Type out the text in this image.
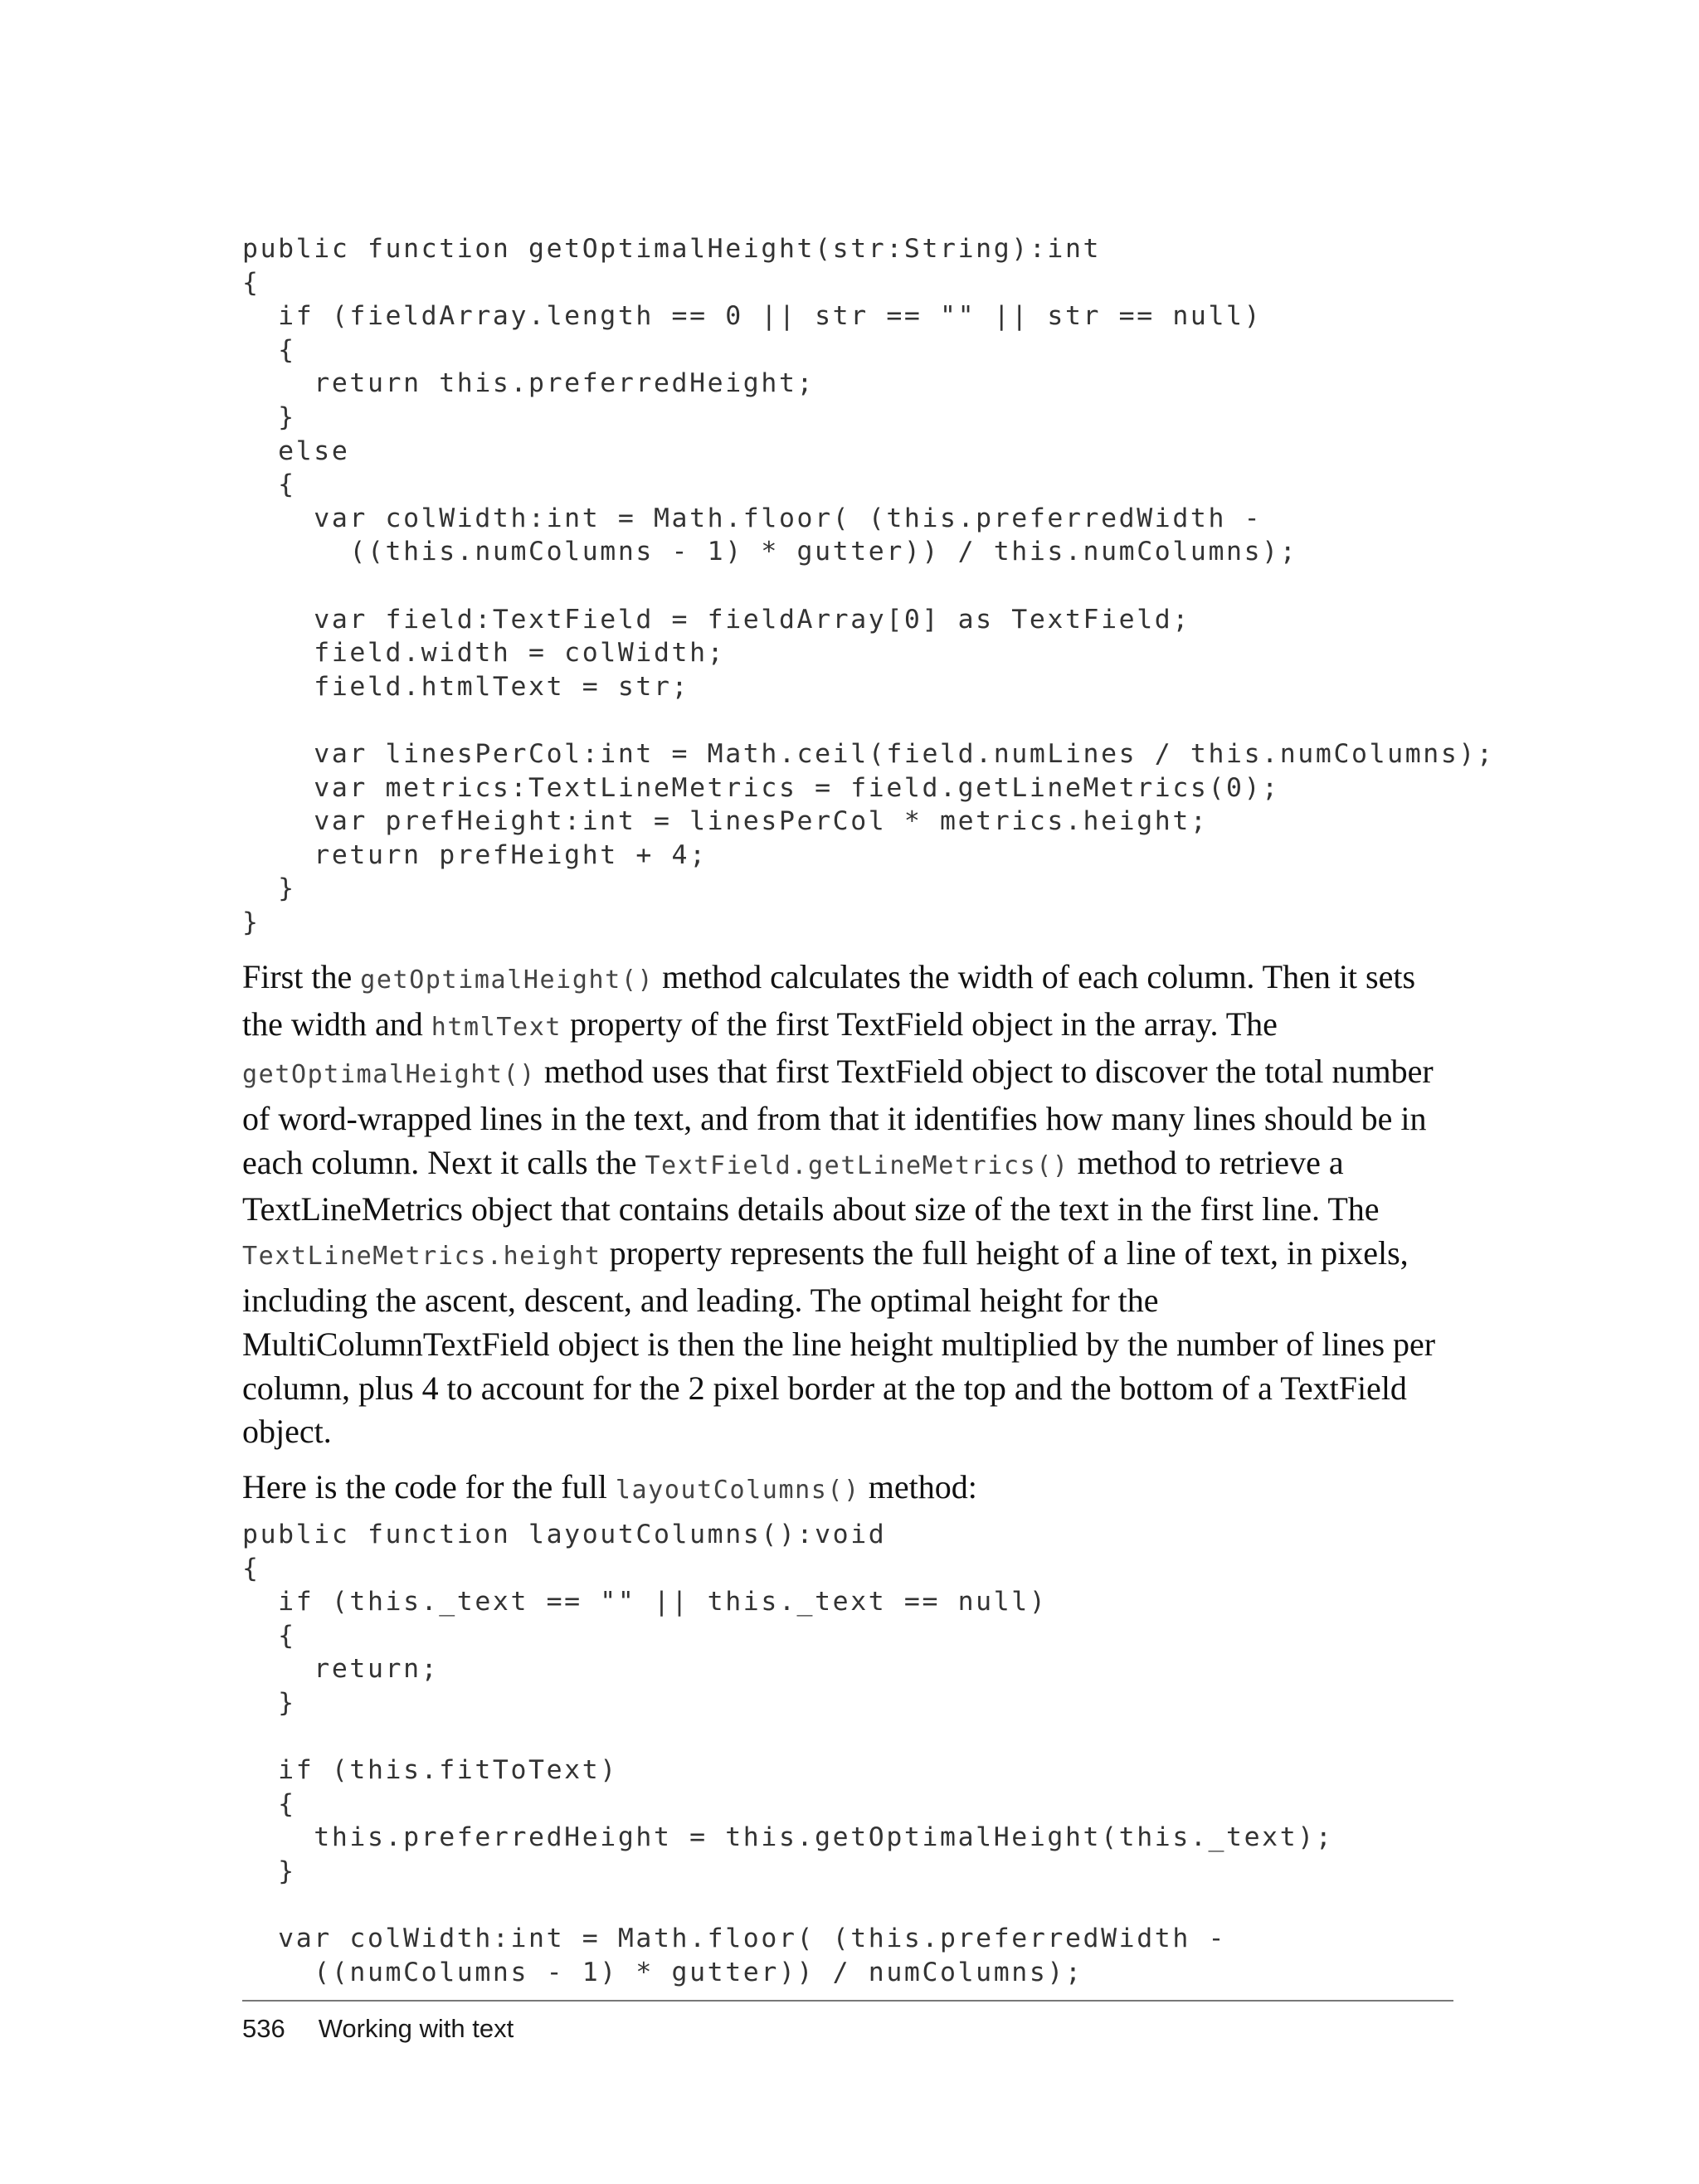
public function getOptimalHeight(str:String):int
{
if (fieldArray.length == 0 || str == "" || str == null)
{
return this.preferredHeight;
}
else
{
var colWidth:int = Math.floor( (this.preferredWidth -
((this.numColumns - 1) * gutter)) / this.numColumns);

var field:TextField = fieldArray[0] as TextField;
field.width = colWidth;
field.htmlText = str;

var linesPerCol:int = Math.ceil(field.numLines / this.numColumns);
var metrics:TextLineMetrics = field.getLineMetrics(0);
var prefHeight:int = linesPerCol * metrics.height;
return prefHeight + 4;
}
}

First the getOptimalHeight() method calculates the width of each column. Then it sets the width and htmlText property of the first TextField object in the array. The getOptimalHeight() method uses that first TextField object to discover the total number of word-wrapped lines in the text, and from that it identifies how many lines should be in each column. Next it calls the TextField.getLineMetrics() method to retrieve a TextLineMetrics object that contains details about size of the text in the first line. The TextLineMetrics.height property represents the full height of a line of text, in pixels, including the ascent, descent, and leading. The optimal height for the MultiColumnTextField object is then the line height multiplied by the number of lines per column, plus 4 to account for the 2 pixel border at the top and the bottom of a TextField object.

Here is the code for the full layoutColumns() method:

public function layoutColumns():void
{
if (this._text == "" || this._text == null)
{
return;
}

if (this.fitToText)
{
this.preferredHeight = this.getOptimalHeight(this._text);
}

var colWidth:int = Math.floor( (this.preferredWidth -
((numColumns - 1) * gutter)) / numColumns);
536 Working with text
